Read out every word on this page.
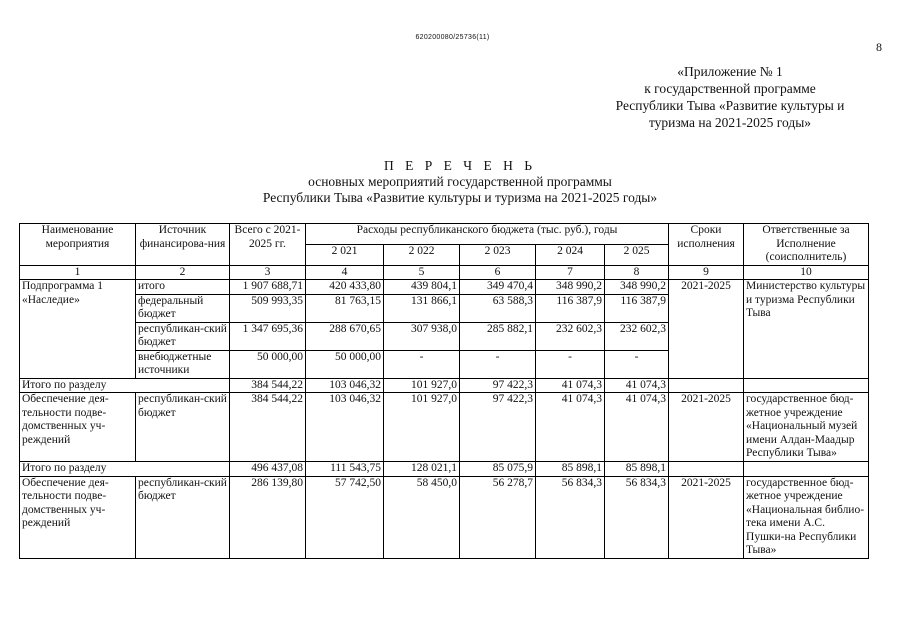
620200080/25736(11)
8
«Приложение № 1
к государственной программе
Республики Тыва «Развитие культуры и
туризма на 2021-2025 годы»
П Е Р Е Ч Е Н Ь
основных мероприятий государственной программы
Республики Тыва «Развитие культуры и туризма на 2021-2025 годы»
Наименование мероприятия	Источник финансирова-ния	Всего с 2021-2025 гг.	Расходы республиканского бюджета (тыс. руб.), годы					Сроки исполнения	Ответственные за Исполнение (соисполнитель)
			2 021	2 022	2 023	2 024	2 025		
1	2	3	4	5	6	7	8	9	10
Подпрограмма 1 «Наследие»	итого	1 907 688,71	420 433,80	439 804,1	349 470,4	348 990,2	348 990,2	2021-2025	Министерство культуры и туризма Республики Тыва
	федеральный бюджет	509 993,35	81 763,15	131 866,1	63 588,3	116 387,9	116 387,9		
	республикан-ский бюджет	1 347 695,36	288 670,65	307 938,0	285 882,1	232 602,3	232 602,3		
	внебюджетные источники	50 000,00	50 000,00	-	-	-	-		
Итого по разделу		384 544,22	103 046,32	101 927,0	97 422,3	41 074,3	41 074,3		
Обеспечение дея-тельности подве-домственных уч-реждений	республикан-ский бюджет	384 544,22	103 046,32	101 927,0	97 422,3	41 074,3	41 074,3	2021-2025	государственное бюд-жетное учреждение «Национальный музей имени Алдан-Маадыр Республики Тыва»
Итого по разделу		496 437,08	111 543,75	128 021,1	85 075,9	85 898,1	85 898,1		
Обеспечение дея-тельности подве-домственных уч-реждений	республикан-ский бюджет	286 139,80	57 742,50	58 450,0	56 278,7	56 834,3	56 834,3	2021-2025	государственное бюд-жетное учреждение «Национальная библио-тека имени А.С. Пушки-на Республики Тыва»
